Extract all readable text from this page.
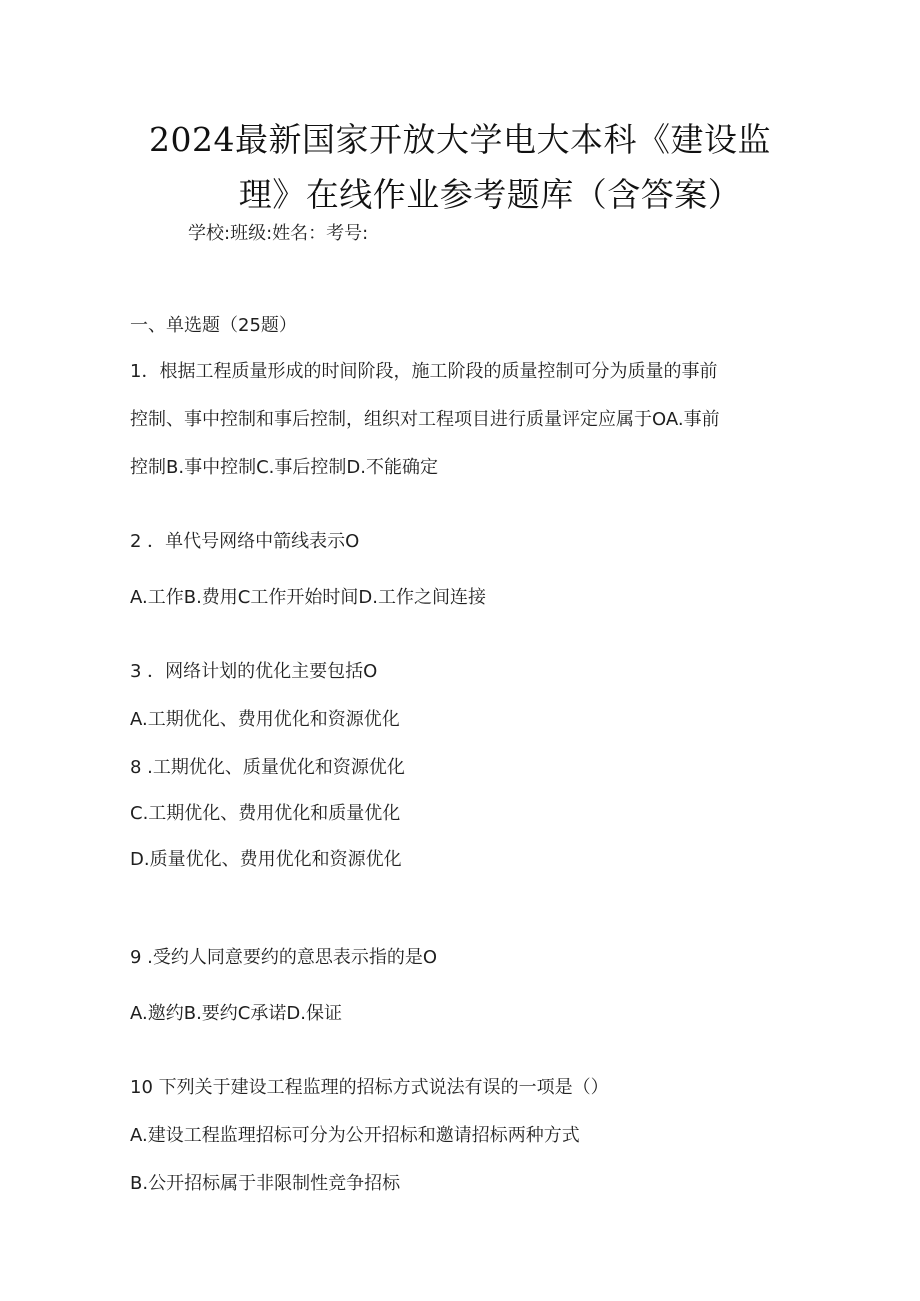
2024最新国家开放大学电大本科《建设监
理》在线作业参考题库（含答案）
学校:班级:姓名：考号:
一、单选题（25题）
1．根据工程质量形成的时间阶段，施工阶段的质量控制可分为质量的事前
控制、事中控制和事后控制，组织对工程项目进行质量评定应属于OA.事前
控制B.事中控制C.事后控制D.不能确定
2 ．单代号网络中箭线表示O
A.工作B.费用C工作开始时间D.工作之间连接
3 ．网络计划的优化主要包括O
A.工期优化、费用优化和资源优化
8 .工期优化、质量优化和资源优化
C.工期优化、费用优化和质量优化
D.质量优化、费用优化和资源优化
9 .受约人同意要约的意思表示指的是O
A.邀约B.要约C承诺D.保证
10 下列关于建设工程监理的招标方式说法有误的一项是（）
A.建设工程监理招标可分为公开招标和邀请招标两种方式
B.公开招标属于非限制性竞争招标
